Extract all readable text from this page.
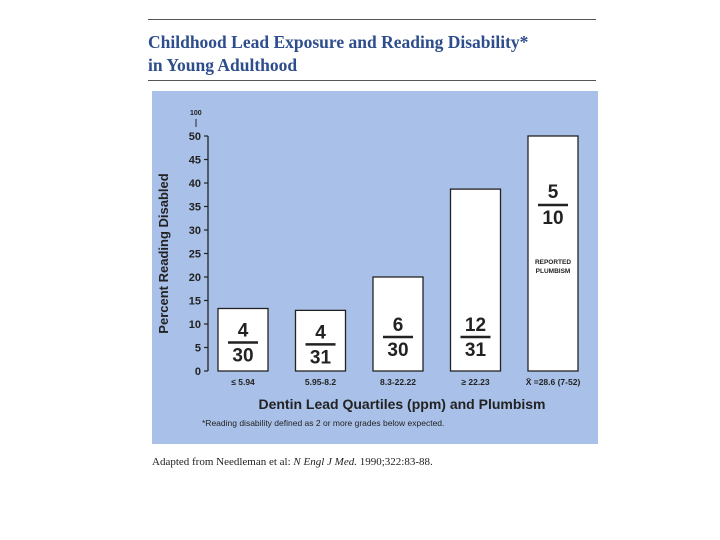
Childhood Lead Exposure and Reading Disability*
in Young Adulthood
100
0
5
10
15
20
25
30
35
40
45
50
Percent Reading Disabled	4
30
≤ 5.94
4
31
5.95-8.2
6
30
8.3-22.22
12
31
≥ 22.23
5
10
REPORTED
PLUMBISM
X̄ =28.6 (7-52)
Dentin Lead Quartiles (ppm) and Plumbism
*Reading disability defined as 2 or more grades below expected.
Adapted from Needleman et al: N Engl J Med. 1990;322:83-88.
